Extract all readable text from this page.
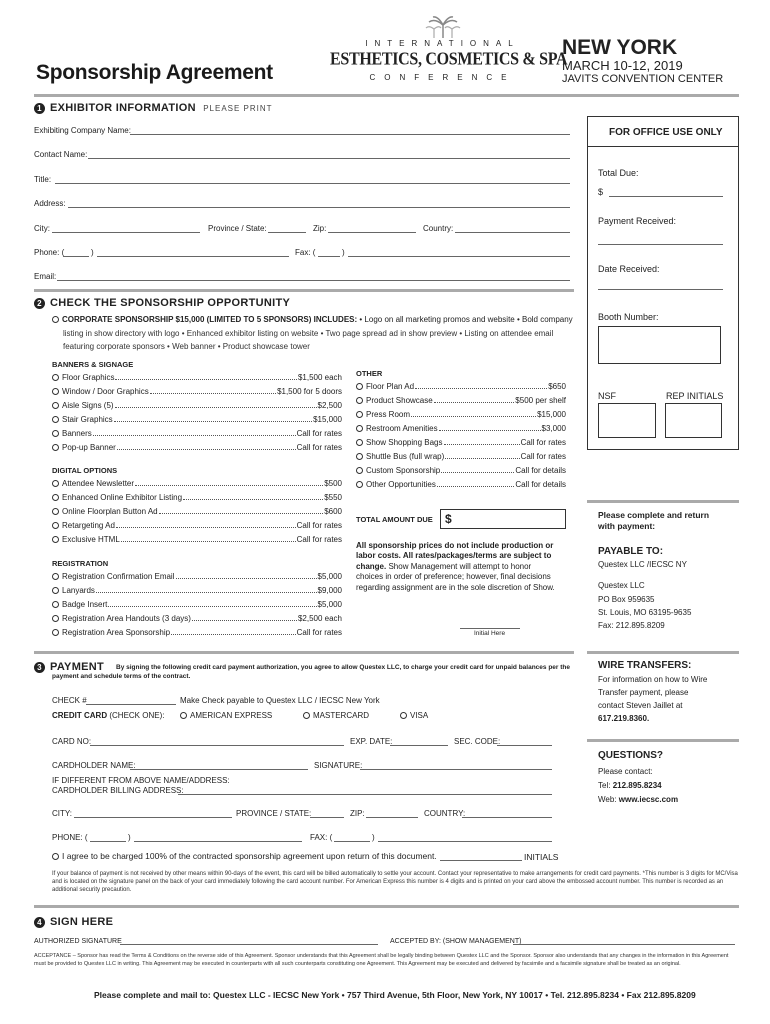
Sponsorship Agreement
INTERNATIONAL
ESTHETICS, COSMETICS & SPA
CONFERENCE
NEW YORK
MARCH 10-12, 2019
JAVITS CONVENTION CENTER
1 EXHIBITOR INFORMATION PLEASE PRINT
Exhibiting Company Name:
Contact Name:
Title:
Address:
City:	Province / State:	Zip:	Country:
Phone: (	)	Fax: (	)
Email:
FOR OFFICE USE ONLY
Total Due:
$
Payment Received:
Date Received:
Booth Number:
NSF	REP INITIALS
2 CHECK THE SPONSORSHIP OPPORTUNITY
CORPORATE SPONSORSHIP $15,000 (LIMITED TO 5 SPONSORS) INCLUDES: • Logo on all marketing promos and website • Bold company
listing in show directory with logo • Enhanced exhibitor listing on website • Two page spread ad in show preview • Listing on attendee email
featuring corporate sponsors • Web banner • Product showcase tower
BANNERS & SIGNAGE
Floor Graphics	$1,500 each
Window / Door Graphics	$1,500 for 5 doors
Aisle Signs (5)	$2,500
Stair Graphics	$15,000
Banners	Call for rates
Pop-up Banner	Call for rates
DIGITAL OPTIONS
Attendee Newsletter	$500
Enhanced Online Exhibitor Listing	$550
Online Floorplan Button Ad	$600
Retargeting Ad	Call for rates
Exclusive HTML	Call for rates
REGISTRATION
Registration Confirmation Email	$5,000
Lanyards	$9,000
Badge Insert	$5,000
Registration Area Handouts (3 days)	$2,500 each
Registration Area Sponsorship	Call for rates
OTHER
Floor Plan Ad	$650
Product Showcase	$500 per shelf
Press Room	$15,000
Restroom Amenities	$3,000
Show Shopping Bags	Call for rates
Shuttle Bus (full wrap)	Call for rates
Custom Sponsorship	Call for details
Other Opportunities	Call for details
TOTAL AMOUNT DUE $
All sponsorship prices do not include production or labor costs. All rates/packages/terms are subject to change. Show Management will attempt to honor choices in order of preference; however, final decisions regarding assignment are in the sole discretion of Show.
Initial Here
Please complete and return with payment:
PAYABLE TO:
Questex LLC /IECSC NY
Questex LLC
PO Box 959635
St. Louis, MO 63195-9635
Fax: 212.895.8209
WIRE TRANSFERS:
For information on how to Wire
Transfer payment, please
contact Steven Jaillet at
617.219.8360.
QUESTIONS?
Please contact:
Tel: 212.895.8234
Web: www.iecsc.com
3 PAYMENT	By signing the following credit card payment authorization, you agree to allow Questex LLC, to charge your credit card for unpaid balances per the payment and schedule terms of the contract.
CHECK #	Make Check payable to Questex LLC / IECSC New York
CREDIT CARD (CHECK ONE):	AMERICAN EXPRESS	MASTERCARD	VISA
CARD NO:	EXP. DATE:	SEC. CODE:
CARDHOLDER NAME:	SIGNATURE:
IF DIFFERENT FROM ABOVE NAME/ADDRESS:
CARDHOLDER BILLING ADDRESS:
CITY:	PROVINCE / STATE:	ZIP:	COUNTRY:
PHONE: (	)	FAX: (	)
I agree to be charged 100% of the contracted sponsorship agreement upon return of this document.	INITIALS
If your balance of payment is not received by other means within 90-days of the event, this card will be billed automatically to settle your account. Contact your representative to make arrangements for credit card payments. *This number is 3 digits for MC/Visa and is located on the signature panel on the back of your card immediately following the card account number. For American Express this number is 4 digits and is printed on your card above the embossed account number. This number is recorded as an additional security precaution.
4 SIGN HERE
AUTHORIZED SIGNATURE	ACCEPTED BY: (SHOW MANAGEMENT)
ACCEPTANCE – Sponsor has read the Terms & Conditions on the reverse side of this Agreement. Sponsor understands that this Agreement shall be legally binding between Questex LLC and the Sponsor. Sponsor also understands that any changes in the information in this Agreement must be provided to Questex LLC in writing. This Agreement may be executed in counterparts with all such counterparts constituting one Agreement. This Agreement may be executed and delivered by facsimile and a facsimile signature shall be treated as an original.
Please complete and mail to: Questex LLC - IECSC New York • 757 Third Avenue, 5th Floor, New York, NY 10017 • Tel. 212.895.8234 • Fax 212.895.8209
